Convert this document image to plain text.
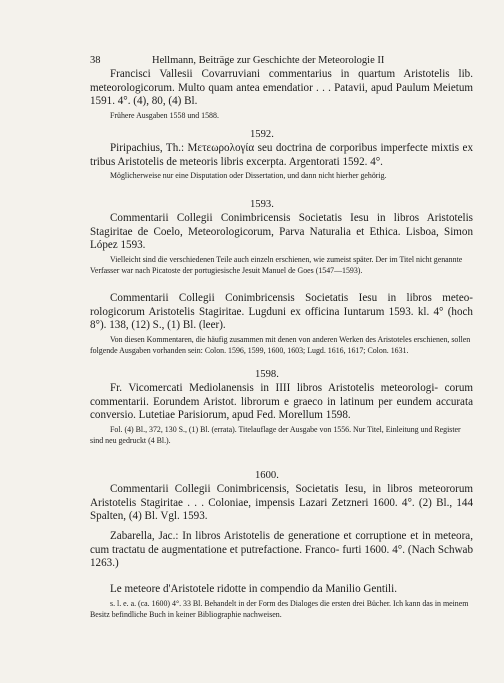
38	Hellmann, Beiträge zur Geschichte der Meteorologie II
Francisci Vallesii Covarruviani commentarius in quartum Aristotelis lib. meteorologicorum. Multo quam antea emendatior . . . Patavii, apud Paulum Meietum 1591. 4°. (4), 80, (4) Bl.
Frühere Ausgaben 1558 und 1588.
1592.
Piripachius, Th.: Μετεωρολογία seu doctrina de corporibus imperfecte mixtis ex tribus Aristotelis de meteoris libris excerpta. Argentorati 1592. 4°.
Möglicherweise nur eine Disputation oder Dissertation, und dann nicht hierher gehörig.
1593.
Commentarii Collegii Conimbricensis Societatis Iesu in libros Aristotelis Stagiritae de Coelo, Meteorologicorum, Parva Naturalia et Ethica. Lisboa, Simon López 1593.
Vielleicht sind die verschiedenen Teile auch einzeln erschienen, wie zumeist später. Der im Titel nicht genannte Verfasser war nach Picatoste der portugiesische Jesuit Manuel de Goes (1547—1593).
Commentarii Collegii Conimbricensis Societatis Iesu in libros meteo- rologicorum Aristotelis Stagiritae. Lugduni ex officina Iuntarum 1593. kl. 4° (hoch 8°). 138, (12) S., (1) Bl. (leer).
Von diesen Kommentaren, die häufig zusammen mit denen von anderen Werken des Aristoteles erschienen, sollen folgende Ausgaben vorhanden sein: Colon. 1596, 1599, 1600, 1603; Lugd. 1616, 1617; Colon. 1631.
1598.
Fr. Vicomercati Mediolanensis in IIII libros Aristotelis meteorologi- corum commentarii. Eorundem Aristot. librorum e graeco in latinum per eundem accurata conversio. Lutetiae Parisiorum, apud Fed. Morellum 1598.
Fol. (4) Bl., 372, 130 S., (1) Bl. (errata). Titelauflage der Ausgabe von 1556. Nur Titel, Einleitung und Register sind neu gedruckt (4 Bl.).
1600.
Commentarii Collegii Conimbricensis, Societatis Iesu, in libros meteororum Aristotelis Stagiritae . . . Coloniae, impensis Lazari Zetzneri 1600. 4°. (2) Bl., 144 Spalten, (4) Bl. Vgl. 1593.
Zabarella, Jac.: In libros Aristotelis de generatione et corruptione et in meteora, cum tractatu de augmentatione et putrefactione. Franco- furti 1600. 4°. (Nach Schwab 1263.)
Le meteore d'Aristotele ridotte in compendio da Manilio Gentili.
s. l. e. a. (ca. 1600) 4°. 33 Bl. Behandelt in der Form des Dialoges die ersten drei Bücher. Ich kann das in meinem Besitz befindliche Buch in keiner Bibliographie nachweisen.
